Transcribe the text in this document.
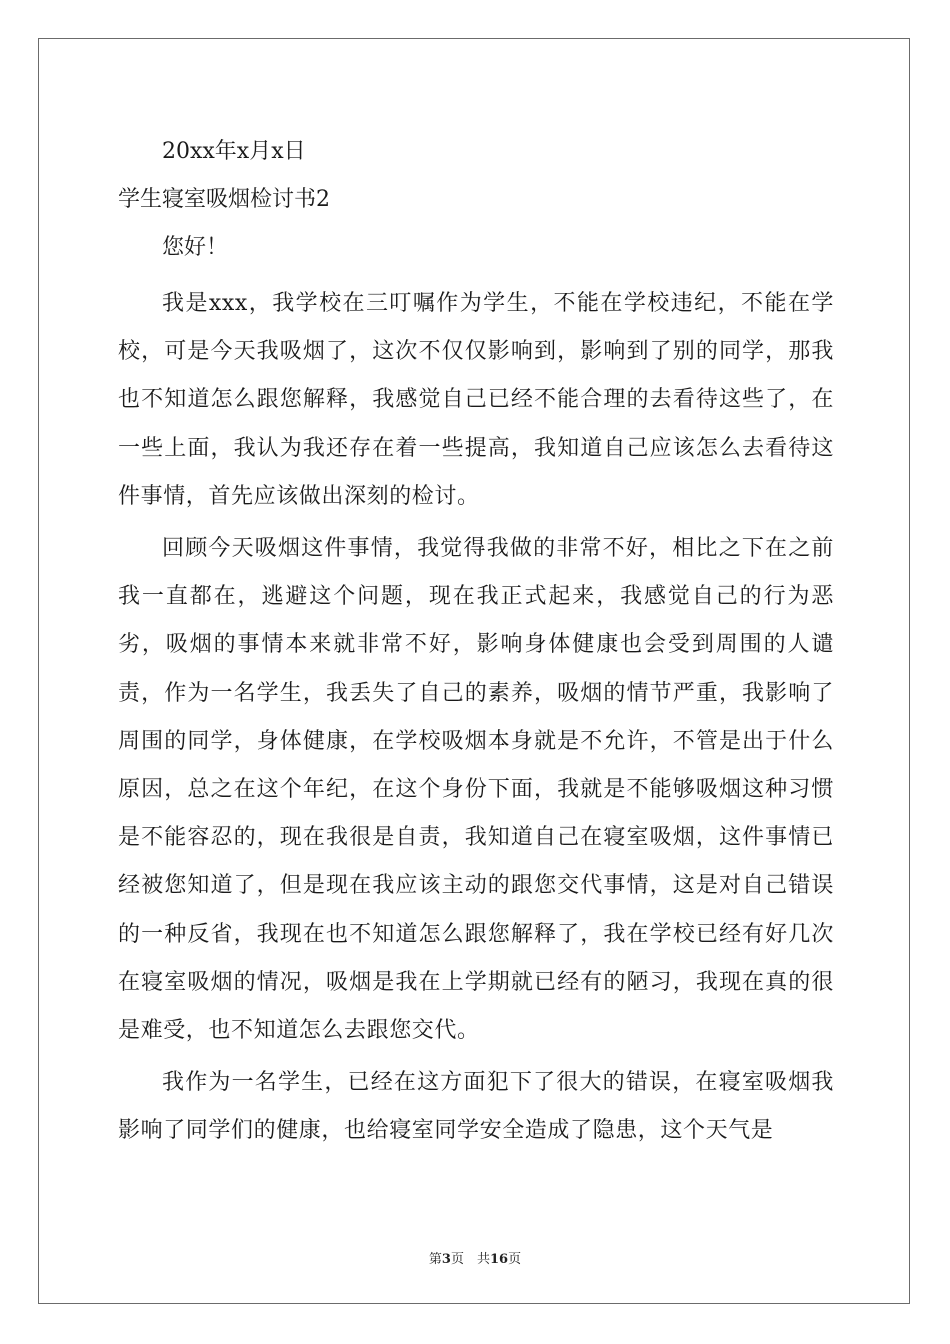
20xx年x月x日

学生寝室吸烟检讨书2

您好！

我是xxx，我学校在三叮嘱作为学生，不能在学校违纪，不能在学校，可是今天我吸烟了，这次不仅仅影响到，影响到了别的同学，那我也不知道怎么跟您解释，我感觉自己已经不能合理的去看待这些了，在一些上面，我认为我还存在着一些提高，我知道自己应该怎么去看待这件事情，首先应该做出深刻的检讨。

回顾今天吸烟这件事情，我觉得我做的非常不好，相比之下在之前我一直都在，逃避这个问题，现在我正式起来，我感觉自己的行为恶劣，吸烟的事情本来就非常不好，影响身体健康也会受到周围的人谴责，作为一名学生，我丢失了自己的素养，吸烟的情节严重，我影响了周围的同学，身体健康，在学校吸烟本身就是不允许，不管是出于什么原因，总之在这个年纪，在这个身份下面，我就是不能够吸烟这种习惯是不能容忍的，现在我很是自责，我知道自己在寝室吸烟，这件事情已经被您知道了，但是现在我应该主动的跟您交代事情，这是对自己错误的一种反省，我现在也不知道怎么跟您解释了，我在学校已经有好几次在寝室吸烟的情况，吸烟是我在上学期就已经有的陋习，我现在真的很是难受，也不知道怎么去跟您交代。

我作为一名学生，已经在这方面犯下了很大的错误，在寝室吸烟我影响了同学们的健康，也给寝室同学安全造成了隐患，这个天气是

第3页　共16页
